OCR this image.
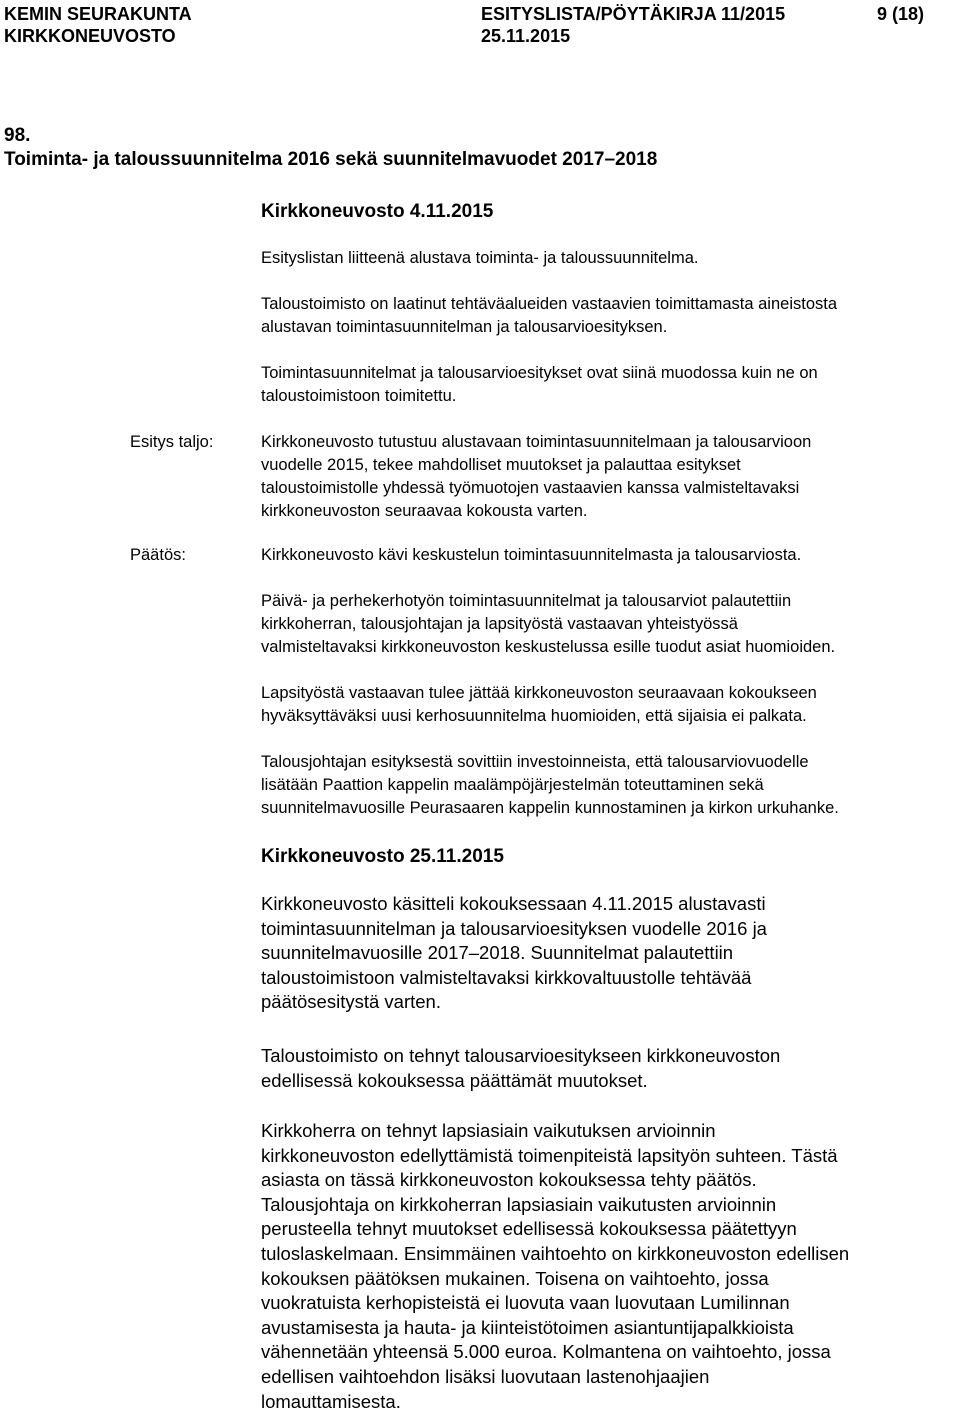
KEMIN SEURAKUNTA
KIRKKONEUVOSTO
ESITYSLISTA/PÖYTÄKIRJA 11/2015
25.11.2015
9 (18)
98.
Toiminta- ja taloussuunnitelma 2016 sekä suunnitelmavuodet 2017–2018
Kirkkoneuvosto 4.11.2015
Esityslistan liitteenä alustava toiminta- ja taloussuunnitelma.
Taloustoimisto on laatinut tehtäväalueiden vastaavien toimittamasta aineistosta
alustavan toimintasuunnitelman ja talousarvioesityksen.
Toimintasuunnitelmat ja talousarvioesitykset ovat siinä muodossa kuin ne on
taloustoimistoon toimitettu.
Esitys taljo:	Kirkkoneuvosto tutustuu alustavaan toimintasuunnitelmaan ja talousarvioon
vuodelle 2015, tekee mahdolliset muutokset ja palauttaa esitykset
taloustoimistolle yhdessä työmuotojen vastaavien kanssa valmisteltavaksi
kirkkoneuvoston seuraavaa kokousta varten.
Päätös:	Kirkkoneuvosto kävi keskustelun toimintasuunnitelmasta ja talousarviosta.
Päivä- ja perhekerhotyön toimintasuunnitelmat ja talousarviot palautettiin
kirkkoherran, talousjohtajan ja lapsityöstä vastaavan yhteistyössä
valmisteltavaksi kirkkoneuvoston keskustelussa esille tuodut asiat huomioiden.
Lapsityöstä vastaavan tulee jättää kirkkoneuvoston seuraavaan kokoukseen
hyväksyttäväksi uusi kerhosuunnitelma huomioiden, että sijaisia ei palkata.
Talousjohtajan esityksestä sovittiin investoinneista, että talousarviovuodelle
lisätään Paattion kappelin maalämpöjärjestelmän toteuttaminen sekä
suunnitelmavuosille Peurasaaren kappelin kunnostaminen ja kirkon urkuhanke.
Kirkkoneuvosto 25.11.2015
Kirkkoneuvosto käsitteli kokouksessaan 4.11.2015 alustavasti
toimintasuunnitelman ja talousarvioesityksen vuodelle 2016 ja
suunnitelmavuosille 2017–2018. Suunnitelmat palautettiin
taloustoimistoon valmisteltavaksi kirkkovaltuustolle tehtävää
päätösesitystä varten.
Taloustoimisto on tehnyt talousarvioesitykseen kirkkoneuvoston
edellisessä kokouksessa päättämät muutokset.
Kirkkoherra on tehnyt lapsiasiain vaikutuksen arvioinnin
kirkkoneuvoston edellyttämistä toimenpiteistä lapsityön suhteen. Tästä
asiasta on tässä kirkkoneuvoston kokouksessa tehty päätös.
Talousjohtaja on kirkkoherran lapsiasiain vaikutusten arvioinnin
perusteella tehnyt muutokset edellisessä kokouksessa päätettyyn
tuloslaskelmaan. Ensimmäinen vaihtoehto on kirkkoneuvoston edellisen
kokouksen päätöksen mukainen. Toisena on vaihtoehto, jossa
vuokratuista kerhopisteistä ei luovuta vaan luovutaan Lumilinnan
avustamisesta ja hauta- ja kiinteistötoimen asiantuntijapalkkioista
vähennetään yhteensä 5.000 euroa. Kolmantena on vaihtoehto, jossa
edellisen vaihtoehdon lisäksi luovutaan lastenohjaajien
lomauttamisesta.
